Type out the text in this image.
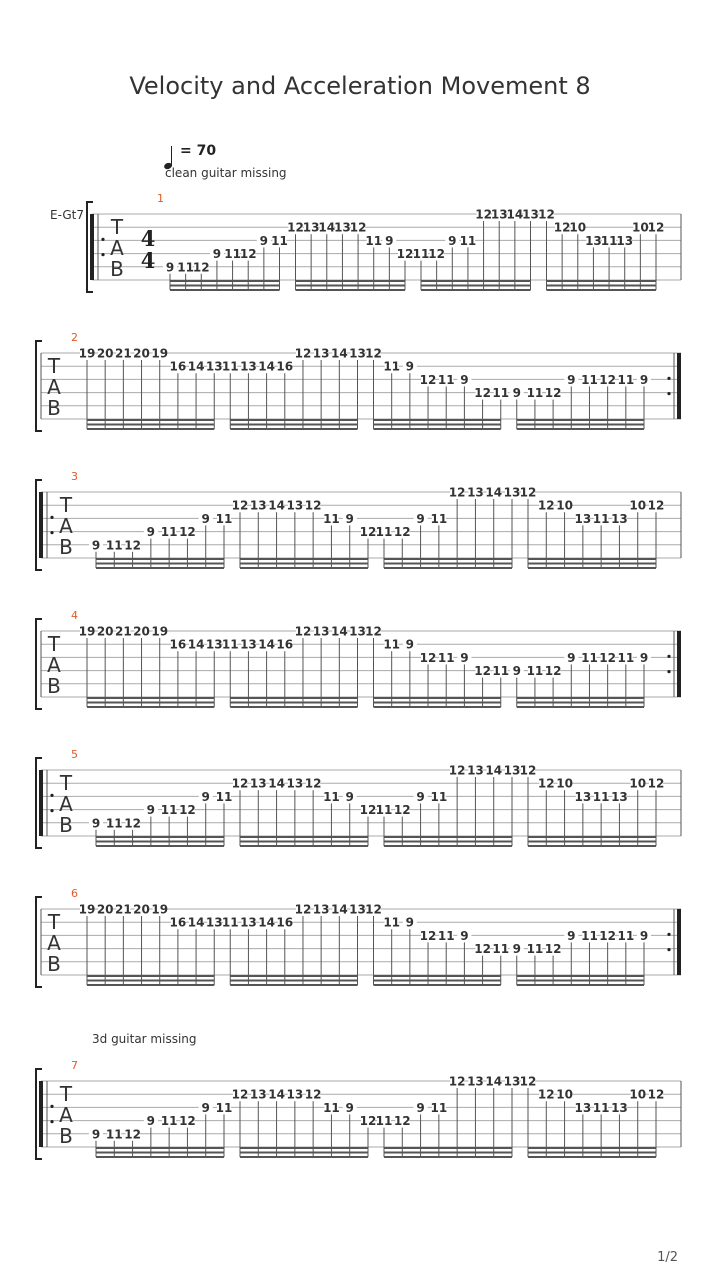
Velocity and Acceleration Movement 8
= 70
clean guitar missing
3d guitar missing
E-Gt7
1/2
T
A
B
4
4
1
9 11
12
9 11
12
9 11
12
13
14
13
12
11 9
12 11
12
9 11
12
13
14
13 12
12
10
13
11
13
10
12
T
A
B
2
19 20 21 20 19
16 14 13 11 13 14 16
12 13 14 13 12
11 9
12 11 9
12 11 9 11 12
9 11 12 11 9
T
A
B
3
9 11 12
9 11 12
9 11
12 13 14 13 12
11 9
12 11 12
9 11
12 13 14 13 12
12 10
13 11 13
10 12
T
A
B
4
19 20 21 20 19
16 14 13 11 13 14 16
12 13 14 13 12
11 9
12 11 9
12 11 9 11 12
9 11 12 11 9
T
A
B
5
9 11 12
9 11 12
9 11
12 13 14 13 12
11 9
12 11 12
9 11
12 13 14 13 12
12 10
13 11 13
10 12
T
A
B
6
19 20 21 20 19
16 14 13 11 13 14 16
12 13 14 13 12
11 9
12 11 9
12 11 9 11 12
9 11 12 11 9
T
A
B
7
9 11 12
9 11 12
9 11
12 13 14 13 12
11 9
12 11 12
9 11
12 13 14 13 12
12 10
13 11 13
10 12
